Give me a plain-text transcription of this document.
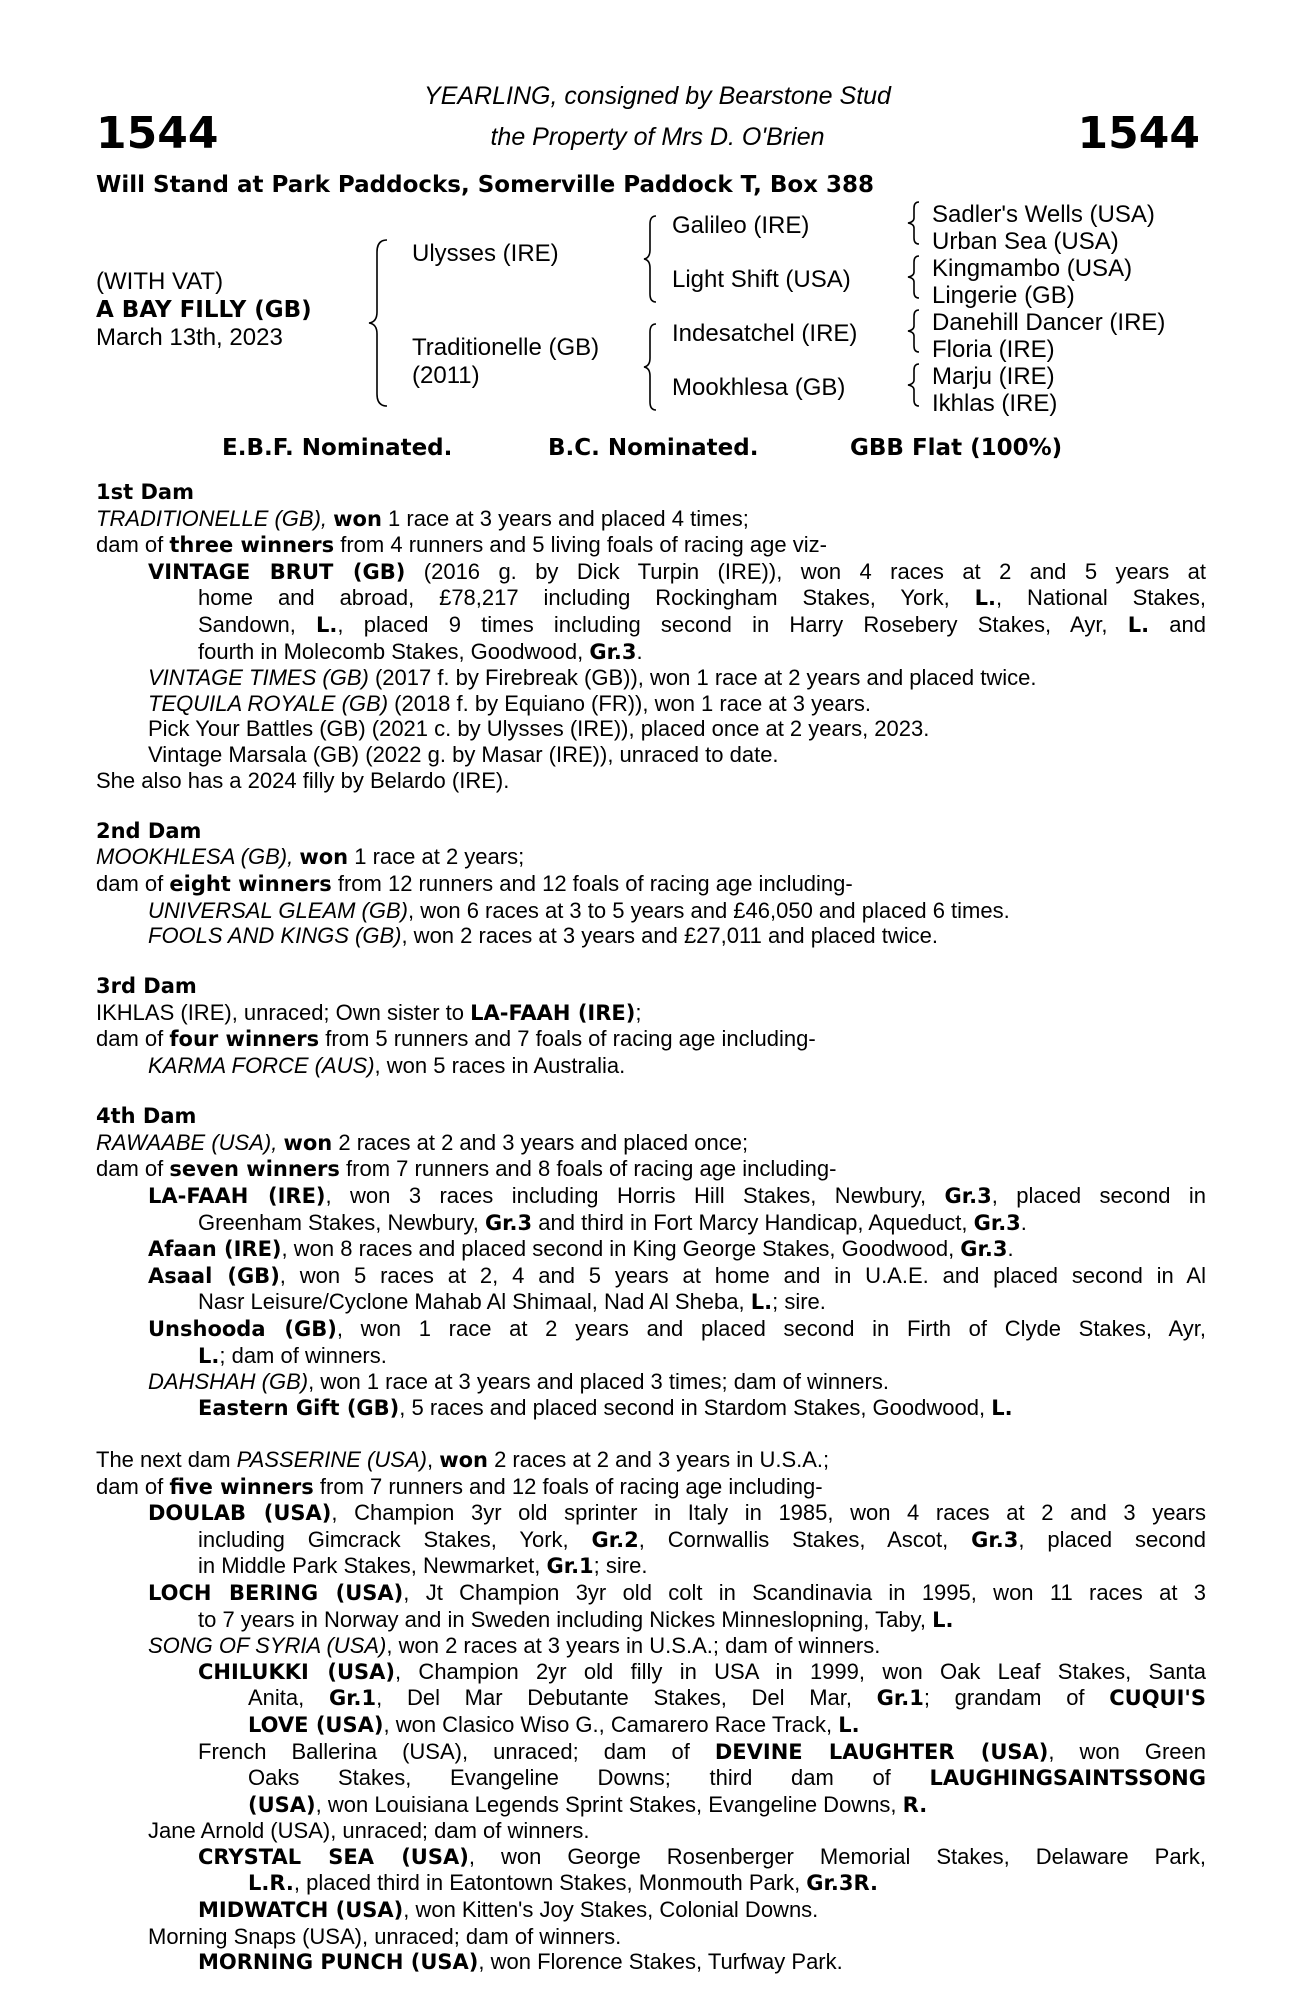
1544	1544
YEARLING, consigned by Bearstone Stud
the Property of Mrs D. O'Brien
Will Stand at Park Paddocks, Somerville Paddock T, Box 388
(WITH VAT)
A BAY FILLY (GB)
March 13th, 2023
Ulysses (IRE)
Traditionelle (GB)
(2011)
Galileo (IRE)
Light Shift (USA)
Indesatchel (IRE)
Mookhlesa (GB)
Sadler's Wells (USA)
Urban Sea (USA)
Kingmambo (USA)
Lingerie (GB)
Danehill Dancer (IRE)
Floria (IRE)
Marju (IRE)
Ikhlas (IRE)
E.B.F. Nominated.	B.C. Nominated.	GBB Flat (100%)
1st Dam
TRADITIONELLE (GB), won 1 race at 3 years and placed 4 times;
dam of three winners from 4 runners and 5 living foals of racing age viz-
VINTAGE BRUT (GB) (2016 g. by Dick Turpin (IRE)), won 4 races at 2 and 5 years at
home and abroad, £78,217 including Rockingham Stakes, York, L., National Stakes,
Sandown, L., placed 9 times including second in Harry Rosebery Stakes, Ayr, L. and
fourth in Molecomb Stakes, Goodwood, Gr.3.
VINTAGE TIMES (GB) (2017 f. by Firebreak (GB)), won 1 race at 2 years and placed twice.
TEQUILA ROYALE (GB) (2018 f. by Equiano (FR)), won 1 race at 3 years.
Pick Your Battles (GB) (2021 c. by Ulysses (IRE)), placed once at 2 years, 2023.
Vintage Marsala (GB) (2022 g. by Masar (IRE)), unraced to date.
She also has a 2024 filly by Belardo (IRE).
2nd Dam
MOOKHLESA (GB), won 1 race at 2 years;
dam of eight winners from 12 runners and 12 foals of racing age including-
UNIVERSAL GLEAM (GB), won 6 races at 3 to 5 years and £46,050 and placed 6 times.
FOOLS AND KINGS (GB), won 2 races at 3 years and £27,011 and placed twice.
3rd Dam
IKHLAS (IRE), unraced; Own sister to LA-FAAH (IRE);
dam of four winners from 5 runners and 7 foals of racing age including-
KARMA FORCE (AUS), won 5 races in Australia.
4th Dam
RAWAABE (USA), won 2 races at 2 and 3 years and placed once;
dam of seven winners from 7 runners and 8 foals of racing age including-
LA-FAAH (IRE), won 3 races including Horris Hill Stakes, Newbury, Gr.3, placed second in
Greenham Stakes, Newbury, Gr.3 and third in Fort Marcy Handicap, Aqueduct, Gr.3.
Afaan (IRE), won 8 races and placed second in King George Stakes, Goodwood, Gr.3.
Asaal (GB), won 5 races at 2, 4 and 5 years at home and in U.A.E. and placed second in Al
Nasr Leisure/Cyclone Mahab Al Shimaal, Nad Al Sheba, L.; sire.
Unshooda (GB), won 1 race at 2 years and placed second in Firth of Clyde Stakes, Ayr,
L.; dam of winners.
DAHSHAH (GB), won 1 race at 3 years and placed 3 times; dam of winners.
Eastern Gift (GB), 5 races and placed second in Stardom Stakes, Goodwood, L.
The next dam PASSERINE (USA), won 2 races at 2 and 3 years in U.S.A.;
dam of five winners from 7 runners and 12 foals of racing age including-
DOULAB (USA), Champion 3yr old sprinter in Italy in 1985, won 4 races at 2 and 3 years
including Gimcrack Stakes, York, Gr.2, Cornwallis Stakes, Ascot, Gr.3, placed second
in Middle Park Stakes, Newmarket, Gr.1; sire.
LOCH BERING (USA), Jt Champion 3yr old colt in Scandinavia in 1995, won 11 races at 3
to 7 years in Norway and in Sweden including Nickes Minneslopning, Taby, L.
SONG OF SYRIA (USA), won 2 races at 3 years in U.S.A.; dam of winners.
CHILUKKI (USA), Champion 2yr old filly in USA in 1999, won Oak Leaf Stakes, Santa
Anita, Gr.1, Del Mar Debutante Stakes, Del Mar, Gr.1; grandam of CUQUI'S
LOVE (USA), won Clasico Wiso G., Camarero Race Track, L.
French Ballerina (USA), unraced; dam of DEVINE LAUGHTER (USA), won Green
Oaks Stakes, Evangeline Downs; third dam of LAUGHINGSAINTSSONG
(USA), won Louisiana Legends Sprint Stakes, Evangeline Downs, R.
Jane Arnold (USA), unraced; dam of winners.
CRYSTAL SEA (USA), won George Rosenberger Memorial Stakes, Delaware Park,
L.R., placed third in Eatontown Stakes, Monmouth Park, Gr.3R.
MIDWATCH (USA), won Kitten's Joy Stakes, Colonial Downs.
Morning Snaps (USA), unraced; dam of winners.
MORNING PUNCH (USA), won Florence Stakes, Turfway Park.
